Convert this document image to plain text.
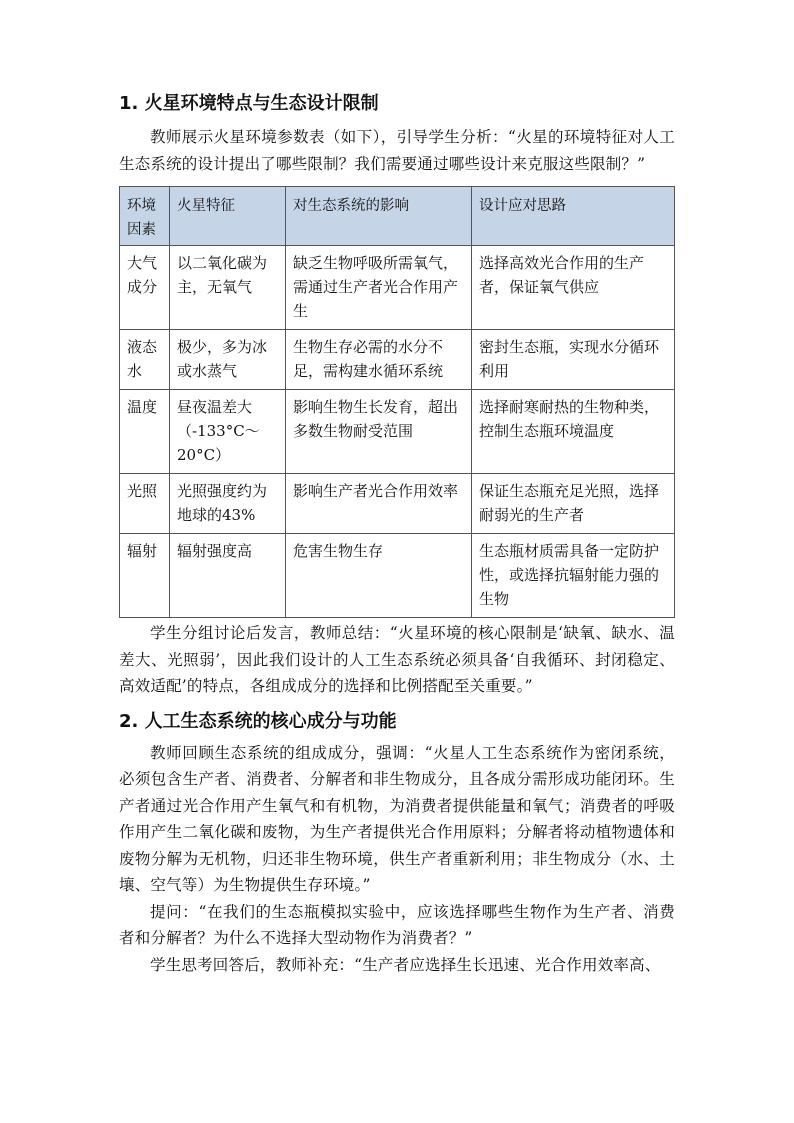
1. 火星环境特点与生态设计限制

教师展示火星环境参数表（如下），引导学生分析：“火星的环境特征对人工生态系统的设计提出了哪些限制？我们需要通过哪些设计来克服这些限制？”

环境因素	火星特征	对生态系统的影响	设计应对思路
大气成分	以二氧化碳为主，无氧气	缺乏生物呼吸所需氧气，需通过生产者光合作用产生	选择高效光合作用的生产者，保证氧气供应
液态水	极少，多为冰或水蒸气	生物生存必需的水分不足，需构建水循环系统	密封生态瓶，实现水分循环利用
温度	昼夜温差大（-133°C～20°C）	影响生物生长发育，超出多数生物耐受范围	选择耐寒耐热的生物种类，控制生态瓶环境温度
光照	光照强度约为地球的43%	影响生产者光合作用效率	保证生态瓶充足光照，选择耐弱光的生产者
辐射	辐射强度高	危害生物生存	生态瓶材质需具备一定防护性，或选择抗辐射能力强的生物

学生分组讨论后发言，教师总结：“火星环境的核心限制是‘缺氧、缺水、温差大、光照弱’，因此我们设计的人工生态系统必须具备‘自我循环、封闭稳定、高效适配’的特点，各组成成分的选择和比例搭配至关重要。”

2. 人工生态系统的核心成分与功能

教师回顾生态系统的组成成分，强调：“火星人工生态系统作为密闭系统，必须包含生产者、消费者、分解者和非生物成分，且各成分需形成功能闭环。生产者通过光合作用产生氧气和有机物，为消费者提供能量和氧气；消费者的呼吸作用产生二氧化碳和废物，为生产者提供光合作用原料；分解者将动植物遗体和废物分解为无机物，归还非生物环境，供生产者重新利用；非生物成分（水、土壤、空气等）为生物提供生存环境。”

提问：“在我们的生态瓶模拟实验中，应该选择哪些生物作为生产者、消费者和分解者？为什么不选择大型动物作为消费者？”

学生思考回答后，教师补充：“生产者应选择生长迅速、光合作用效率高、
